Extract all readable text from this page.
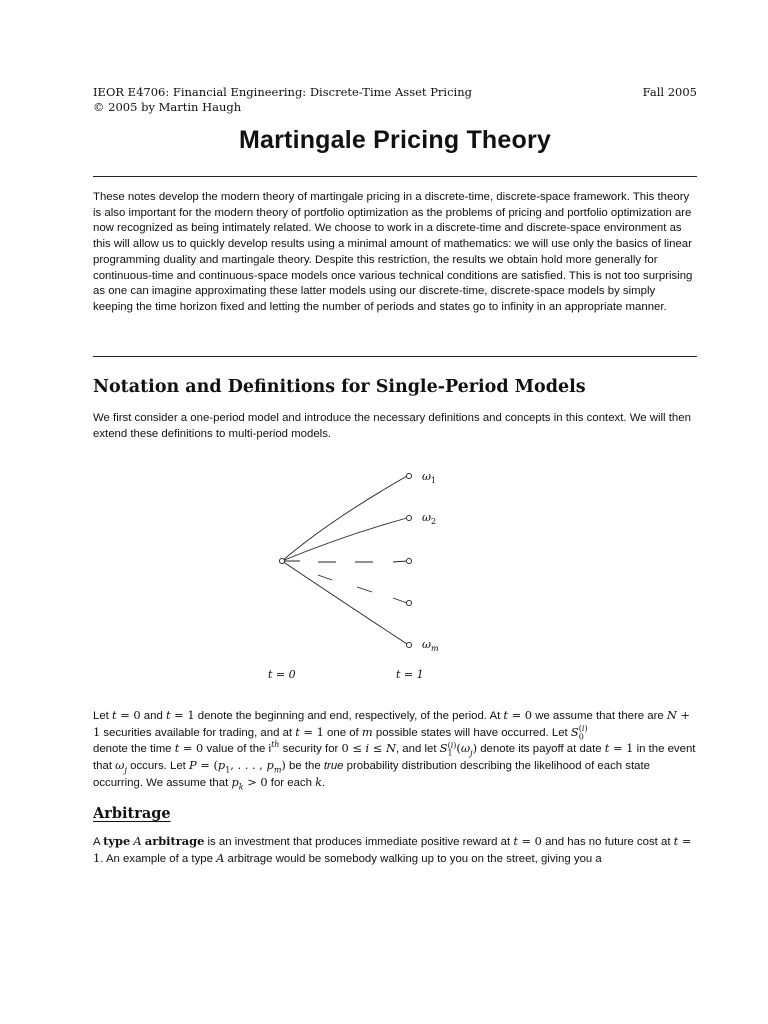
IEOR E4706: Financial Engineering: Discrete-Time Asset Pricing
© 2005 by Martin Haugh
Fall 2005
Martingale Pricing Theory
These notes develop the modern theory of martingale pricing in a discrete-time, discrete-space framework. This theory is also important for the modern theory of portfolio optimization as the problems of pricing and portfolio optimization are now recognized as being intimately related. We choose to work in a discrete-time and discrete-space environment as this will allow us to quickly develop results using a minimal amount of mathematics: we will use only the basics of linear programming duality and martingale theory. Despite this restriction, the results we obtain hold more generally for continuous-time and continuous-space models once various technical conditions are satisfied. This is not too surprising as one can imagine approximating these latter models using our discrete-time, discrete-space models by simply keeping the time horizon fixed and letting the number of periods and states go to infinity in an appropriate manner.
Notation and Definitions for Single-Period Models
We first consider a one-period model and introduce the necessary definitions and concepts in this context. We will then extend these definitions to multi-period models.
$\omega_1$
$\omega_2$
$\omega_m$
t = 0	t = 1
Let t = 0 and t = 1 denote the beginning and end, respectively, of the period. At t = 0 we assume that there are N + 1 securities available for trading, and at t = 1 one of m possible states will have occurred. Let $S_0^{(i)}$
denote the time t = 0 value of the $i^{th}$ security for 0 ≤ i ≤ N, and let $S_1^{(i)}(\omega_j)$ denote its payoff at date t = 1 in the event that $\omega_j$ occurs. Let $P = (p_1$, . . . , $p_m$) be the true probability distribution describing the likelihood of each state occurring. We assume that $p_k > 0$ for each k.
Arbitrage
A type A arbitrage is an investment that produces immediate positive reward at t = 0 and has no future cost at t = 1. An example of a type A arbitrage would be somebody walking up to you on the street, giving you a
